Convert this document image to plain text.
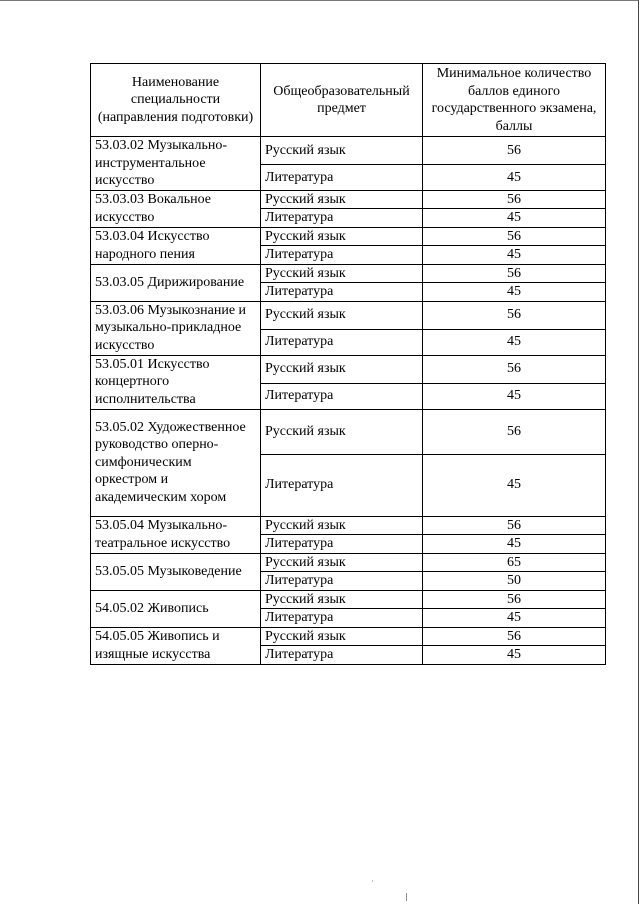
Наименование специальности (направления подготовки)	Общеобразовательный предмет	Минимальное количество баллов единого государственного экзамена, баллы
53.03.02 Музыкально-инструментальное искусство	Русский язык	56
	Литература	45
53.03.03 Вокальное искусство	Русский язык	56
	Литература	45
53.03.04 Искусство народного пения	Русский язык	56
	Литература	45
53.03.05 Дирижирование	Русский язык	56
	Литература	45
53.03.06 Музыкознание и музыкально-прикладное искусство	Русский язык	56
	Литература	45
53.05.01 Искусство концертного исполнительства	Русский язык	56
	Литература	45
53.05.02 Художественное руководство оперно-симфоническим оркестром и академическим хором	Русский язык	56
	Литература	45
53.05.04 Музыкально-театральное искусство	Русский язык	56
	Литература	45
53.05.05 Музыковедение	Русский язык	65
	Литература	50
54.05.02 Живопись	Русский язык	56
	Литература	45
54.05.05 Живопись и изящные искусства	Русский язык	56
	Литература	45
